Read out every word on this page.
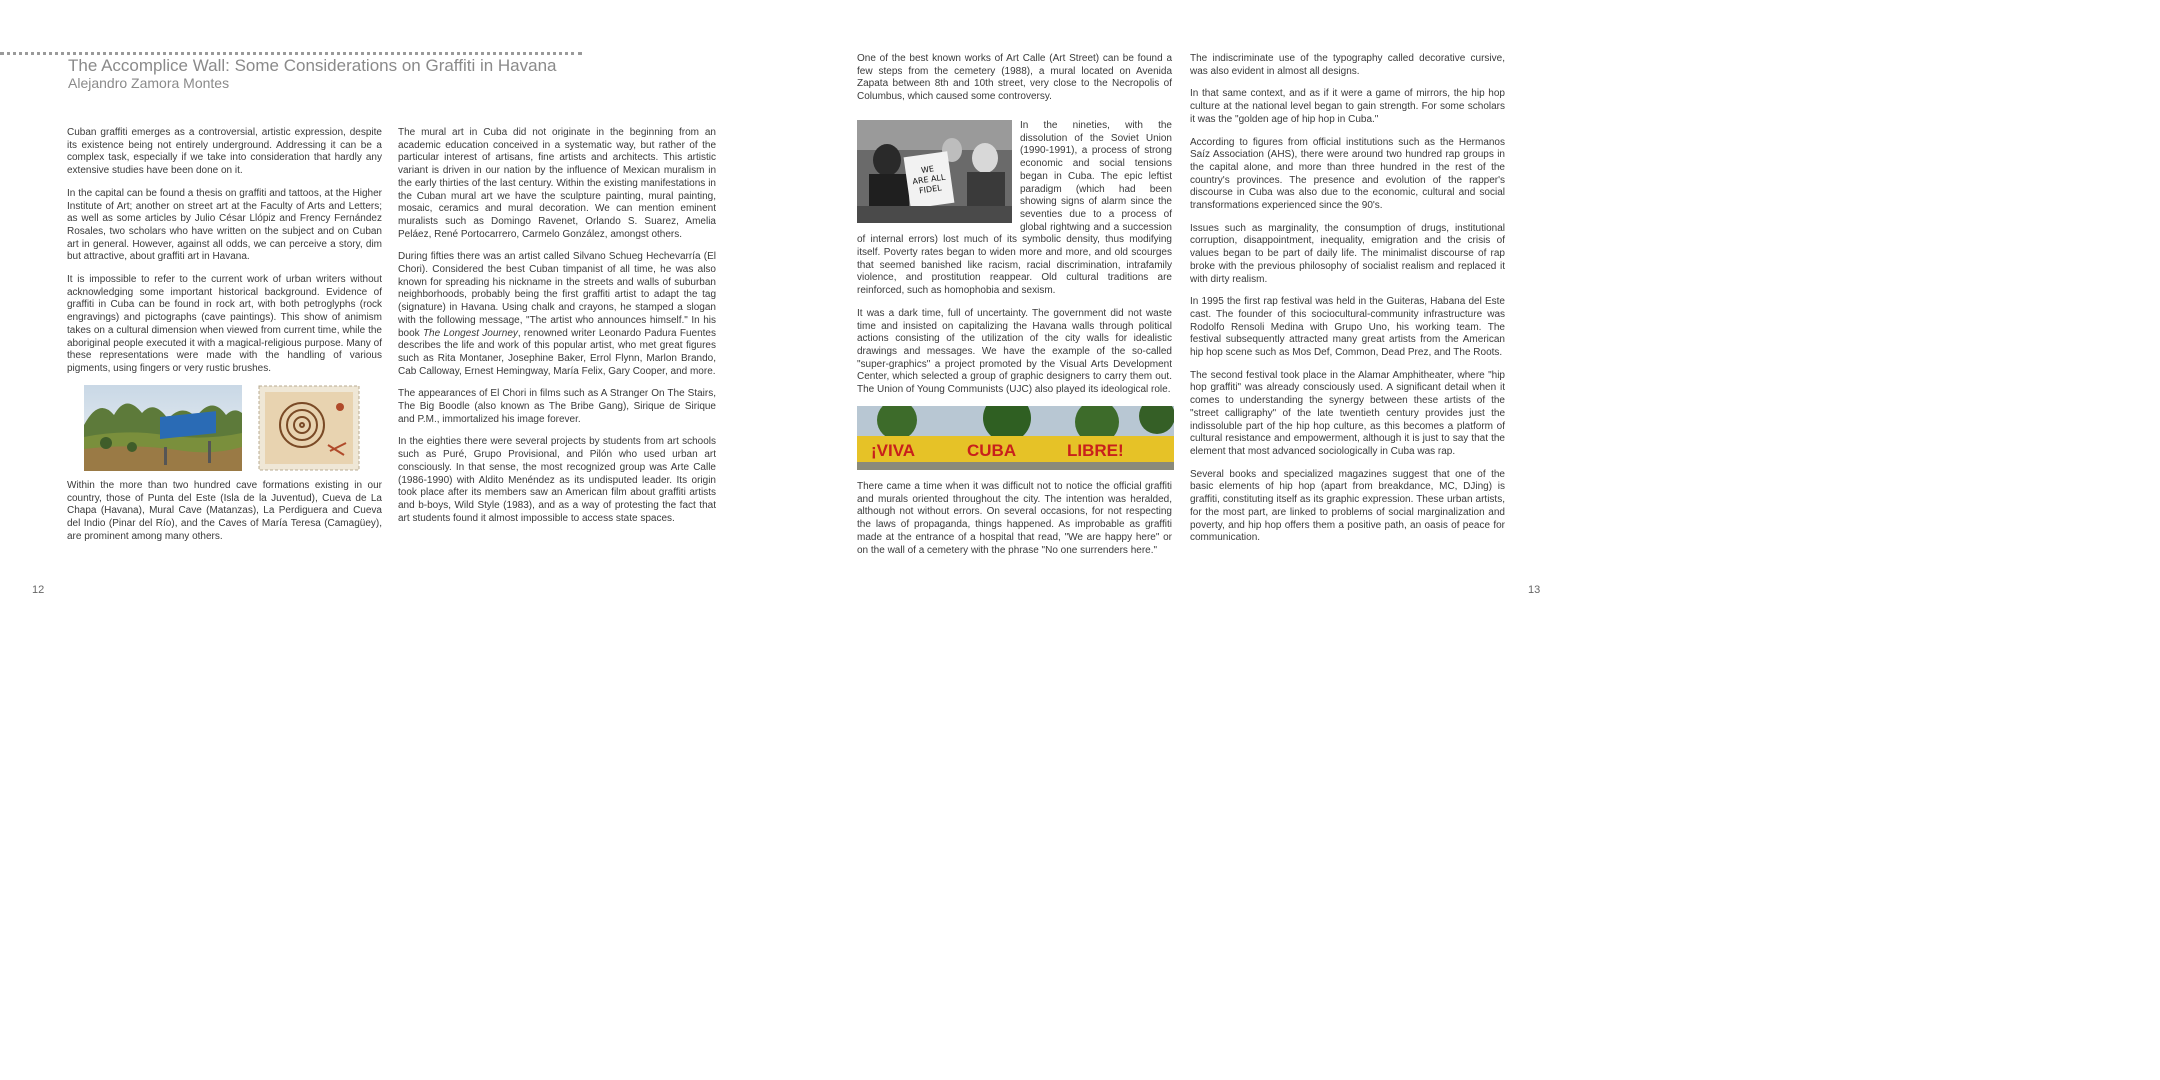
The Accomplice Wall: Some Considerations on Graffiti in Havana
Alejandro Zamora Montes

Cuban graffiti emerges as a controversial, artistic expression, despite its existence being not entirely underground. Addressing it can be a complex task, especially if we take into consideration that hardly any extensive studies have been done on it.

In the capital can be found a thesis on graffiti and tattoos, at the Higher Institute of Art; another on street art at the Faculty of Arts and Letters; as well as some articles by Julio César Llópiz and Frency Fernández Rosales, two scholars who have written on the subject and on Cuban art in general. However, against all odds, we can perceive a story, dim but attractive, about graffiti art in Havana.

It is impossible to refer to the current work of urban writers without acknowledging some important historical background. Evidence of graffiti in Cuba can be found in rock art, with both petroglyphs (rock engravings) and pictographs (cave paintings). This show of animism takes on a cultural dimension when viewed from current time, while the aboriginal people executed it with a magical-religious purpose. Many of these representations were made with the handling of various pigments, using fingers or very rustic brushes.

Within the more than two hundred cave formations existing in our country, those of Punta del Este (Isla de la Juventud), Cueva de La Chapa (Havana), Mural Cave (Matanzas), La Perdiguera and Cueva del Indio (Pinar del Río), and the Caves of María Teresa (Camagüey), are prominent among many others.

The mural art in Cuba did not originate in the beginning from an academic education conceived in a systematic way, but rather of the particular interest of artisans, fine artists and architects. This artistic variant is driven in our nation by the influence of Mexican muralism in the early thirties of the last century. Within the existing manifestations in the Cuban mural art we have the sculpture painting, mural painting, mosaic, ceramics and mural decoration. We can mention eminent muralists such as Domingo Ravenet, Orlando S. Suarez, Amelia Peláez, René Portocarrero, Carmelo González, amongst others.

During fifties there was an artist called Silvano Schueg Hechevarría (El Chori). Considered the best Cuban timpanist of all time, he was also known for spreading his nickname in the streets and walls of suburban neighborhoods, probably being the first graffiti artist to adapt the tag (signature) in Havana. Using chalk and crayons, he stamped a slogan with the following message, "The artist who announces himself." In his book The Longest Journey, renowned writer Leonardo Padura Fuentes describes the life and work of this popular artist, who met great figures such as Rita Montaner, Josephine Baker, Errol Flynn, Marlon Brando, Cab Calloway, Ernest Hemingway, María Felix, Gary Cooper, and more.

The appearances of El Chori in films such as A Stranger On The Stairs, The Big Boodle (also known as The Bribe Gang), Sirique de Sirique and P.M., immortalized his image forever.

In the eighties there were several projects by students from art schools such as Puré, Grupo Provisional, and Pilón who used urban art consciously. In that sense, the most recognized group was Arte Calle (1986-1990) with Aldito Menéndez as its undisputed leader. Its origin took place after its members saw an American film about graffiti artists and b-boys, Wild Style (1983), and as a way of protesting the fact that art students found it almost impossible to access state spaces.

12

One of the best known works of Art Calle (Art Street) can be found a few steps from the cemetery (1988), a mural located on Avenida Zapata between 8th and 10th street, very close to the Necropolis of Columbus, which caused some controversy.

WE
ARE ALL
FIDEL

In the nineties, with the dissolution of the Soviet Union (1990-1991), a process of strong economic and social tensions began in Cuba. The epic leftist paradigm (which had been showing signs of alarm since the seventies due to a process of global rightwing and a succession of internal errors) lost much of its symbolic density, thus modifying itself. Poverty rates began to widen more and more, and old scourges that seemed banished like racism, racial discrimination, intrafamily violence, and prostitution reappear. Old cultural traditions are reinforced, such as homophobia and sexism.

It was a dark time, full of uncertainty. The government did not waste time and insisted on capitalizing the Havana walls through political actions consisting of the utilization of the city walls for idealistic drawings and messages. We have the example of the so-called "super-graphics" a project promoted by the Visual Arts Development Center, which selected a group of graphic designers to carry them out. The Union of Young Communists (UJC) also played its ideological role.

¡VIVA	CUBA	LIBRE!

There came a time when it was difficult not to notice the official graffiti and murals oriented throughout the city. The intention was heralded, although not without errors. On several occasions, for not respecting the laws of propaganda, things happened. As improbable as graffiti made at the entrance of a hospital that read, "We are happy here" or on the wall of a cemetery with the phrase "No one surrenders here."

The indiscriminate use of the typography called decorative cursive, was also evident in almost all designs.

In that same context, and as if it were a game of mirrors, the hip hop culture at the national level began to gain strength. For some scholars it was the "golden age of hip hop in Cuba."

According to figures from official institutions such as the Hermanos Saíz Association (AHS), there were around two hundred rap groups in the capital alone, and more than three hundred in the rest of the country's provinces. The presence and evolution of the rapper's discourse in Cuba was also due to the economic, cultural and social transformations experienced since the 90's.

Issues such as marginality, the consumption of drugs, institutional corruption, disappointment, inequality, emigration and the crisis of values began to be part of daily life. The minimalist discourse of rap broke with the previous philosophy of socialist realism and replaced it with dirty realism.

In 1995 the first rap festival was held in the Guiteras, Habana del Este cast. The founder of this sociocultural-community infrastructure was Rodolfo Rensoli Medina with Grupo Uno, his working team. The festival subsequently attracted many great artists from the American hip hop scene such as Mos Def, Common, Dead Prez, and The Roots.

The second festival took place in the Alamar Amphitheater, where "hip hop graffiti" was already consciously used. A significant detail when it comes to understanding the synergy between these artists of the "street calligraphy" of the late twentieth century provides just the indissoluble part of the hip hop culture, as this becomes a platform of cultural resistance and empowerment, although it is just to say that the element that most advanced sociologically in Cuba was rap.

Several books and specialized magazines suggest that one of the basic elements of hip hop (apart from breakdance, MC, DJing) is graffiti, constituting itself as its graphic expression. These urban artists, for the most part, are linked to problems of social marginalization and poverty, and hip hop offers them a positive path, an oasis of peace for communication.

13
